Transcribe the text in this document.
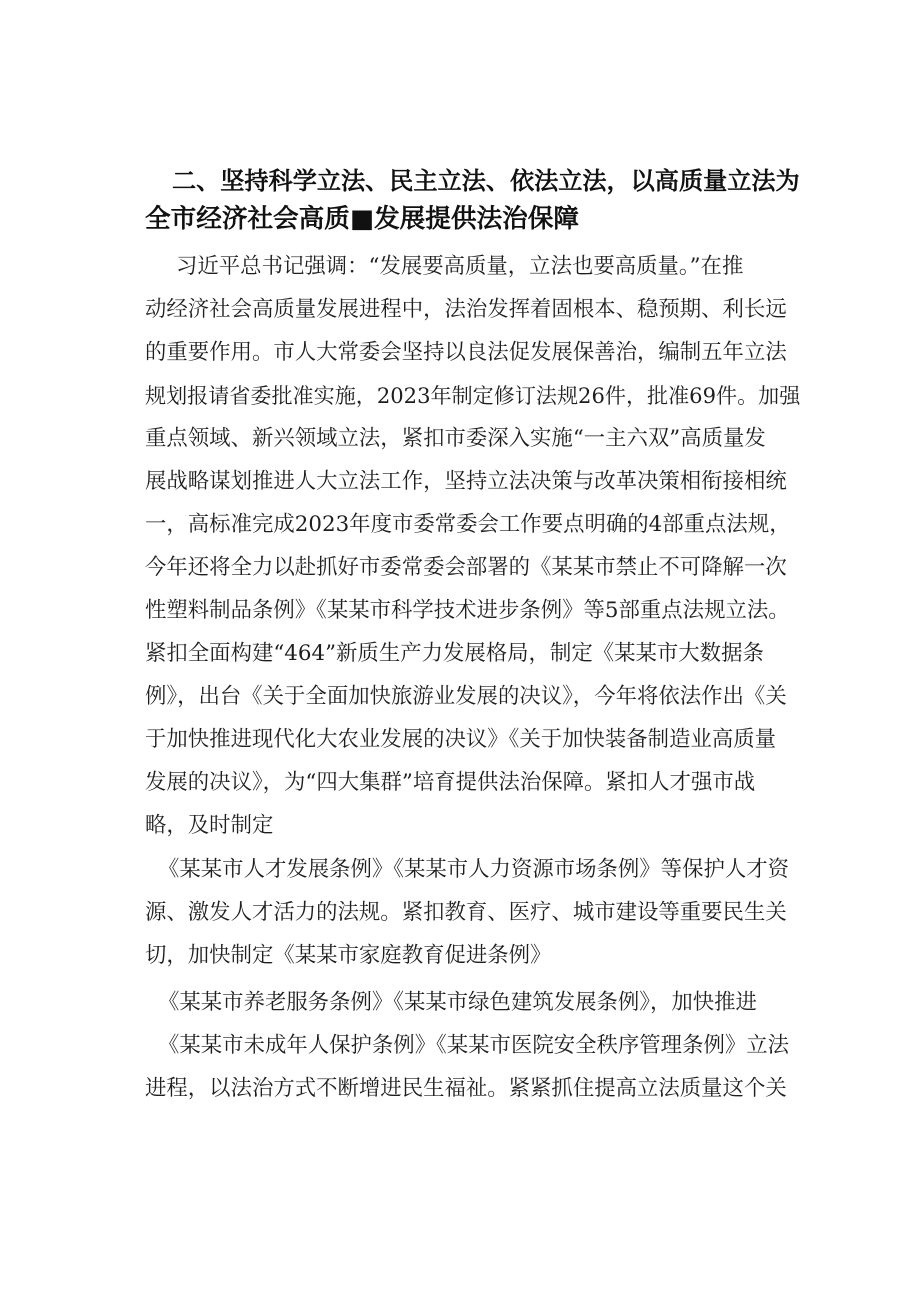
二、坚持科学立法、民主立法、依法立法，以高质量立法为
全市经济社会高质■发展提供法治保障
习近平总书记强调：“发展要高质量，立法也要高质量。”在推
动经济社会高质量发展进程中，法治发挥着固根本、稳预期、利长远
的重要作用。市人大常委会坚持以良法促发展保善治，编制五年立法
规划报请省委批准实施，2023年制定修订法规26件，批准69件。加强
重点领域、新兴领域立法，紧扣市委深入实施“一主六双”高质量发
展战略谋划推进人大立法工作，坚持立法决策与改革决策相衔接相统
一，高标准完成2023年度市委常委会工作要点明确的4部重点法规，
今年还将全力以赴抓好市委常委会部署的《某某市禁止不可降解一次
性塑料制品条例》《某某市科学技术进步条例》等5部重点法规立法。
紧扣全面构建“464”新质生产力发展格局，制定《某某市大数据条
例》，出台《关于全面加快旅游业发展的决议》，今年将依法作出《关
于加快推进现代化大农业发展的决议》《关于加快装备制造业高质量
发展的决议》，为“四大集群”培育提供法治保障。紧扣人才强市战
略，及时制定
《某某市人才发展条例》《某某市人力资源市场条例》等保护人才资
源、激发人才活力的法规。紧扣教育、医疗、城市建设等重要民生关
切，加快制定《某某市家庭教育促进条例》
《某某市养老服务条例》《某某市绿色建筑发展条例》，加快推进
《某某市未成年人保护条例》《某某市医院安全秩序管理条例》立法
进程，以法治方式不断增进民生福祉。紧紧抓住提高立法质量这个关
